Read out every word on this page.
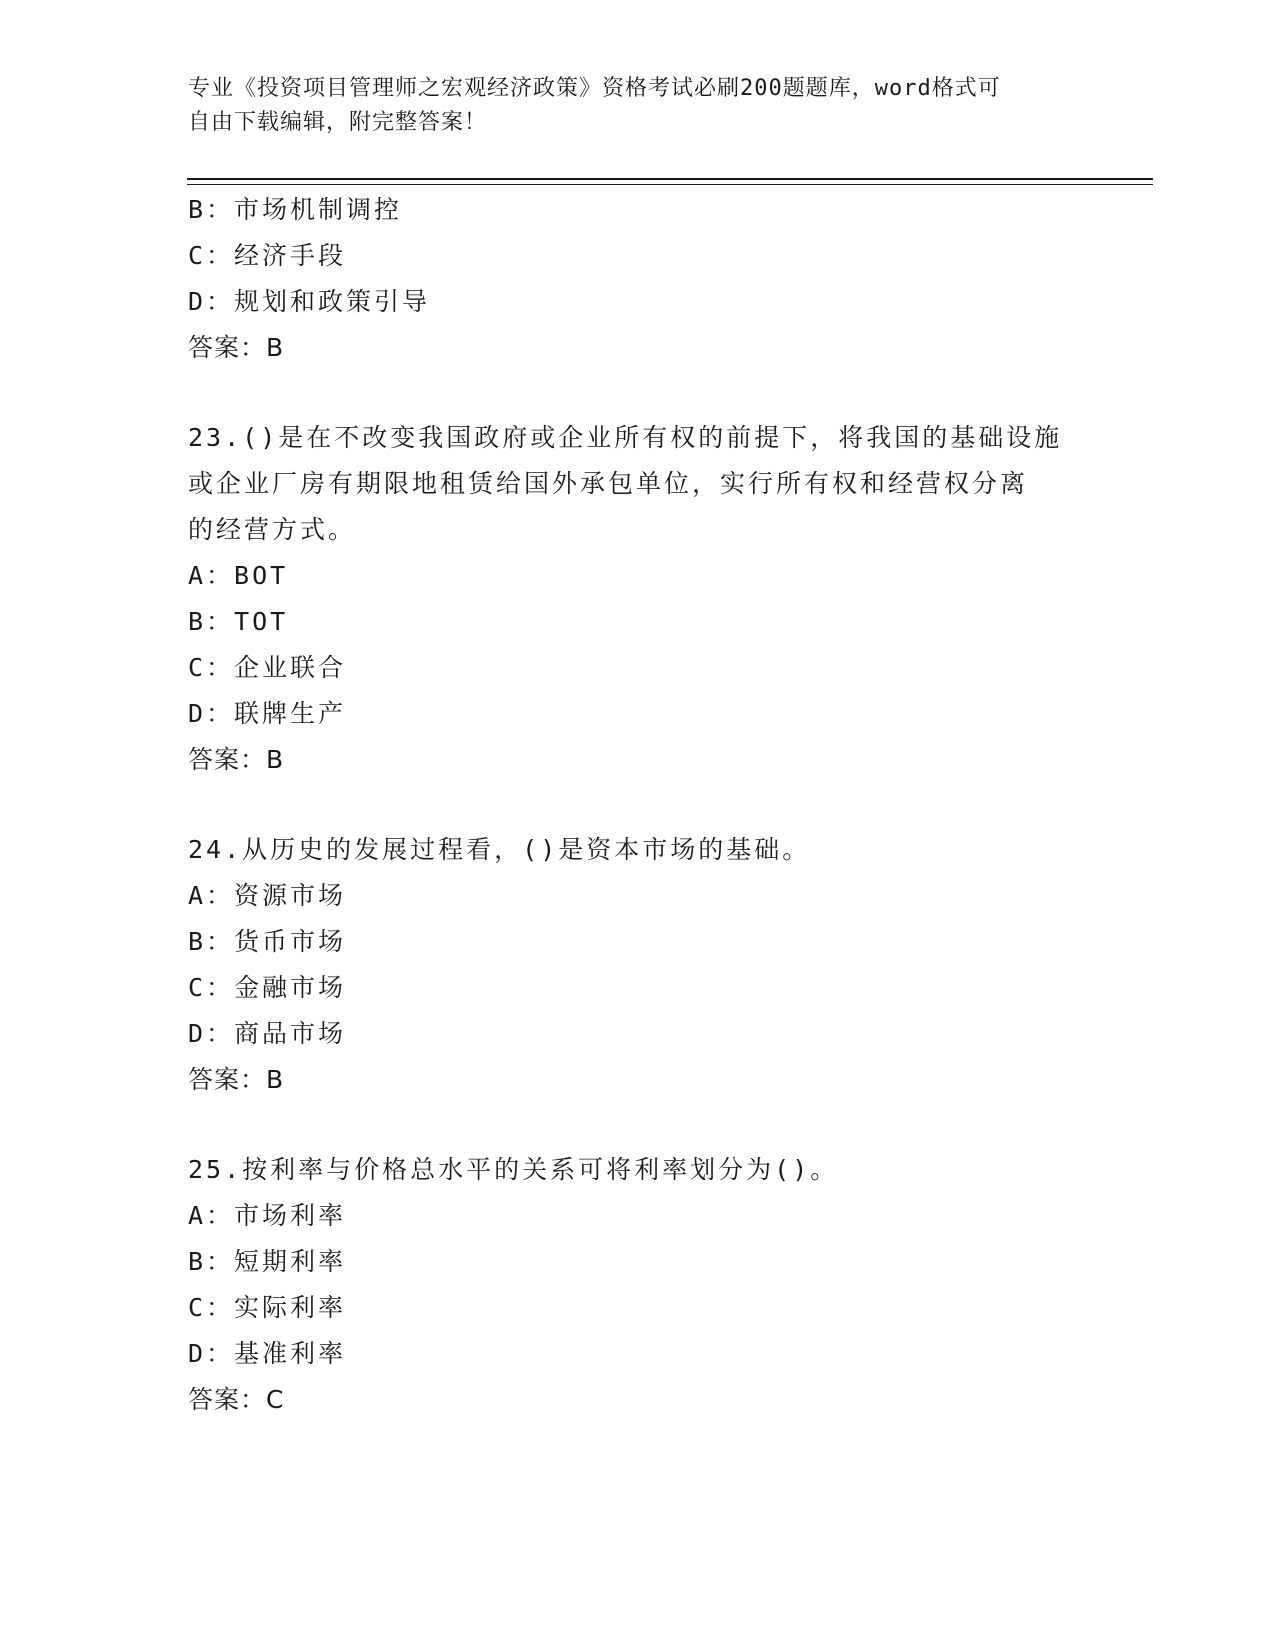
专业《投资项目管理师之宏观经济政策》资格考试必刷200题题库，word格式可
自由下载编辑，附完整答案！
B：市场机制调控
C：经济手段
D：规划和政策引导
答案：B
23.()是在不改变我国政府或企业所有权的前提下，将我国的基础设施
或企业厂房有期限地租赁给国外承包单位，实行所有权和经营权分离
的经营方式。
A：BOT
B：TOT
C：企业联合
D：联牌生产
答案：B
24.从历史的发展过程看，()是资本市场的基础。
A：资源市场
B：货币市场
C：金融市场
D：商品市场
答案：B
25.按利率与价格总水平的关系可将利率划分为()。
A：市场利率
B：短期利率
C：实际利率
D：基准利率
答案：C
